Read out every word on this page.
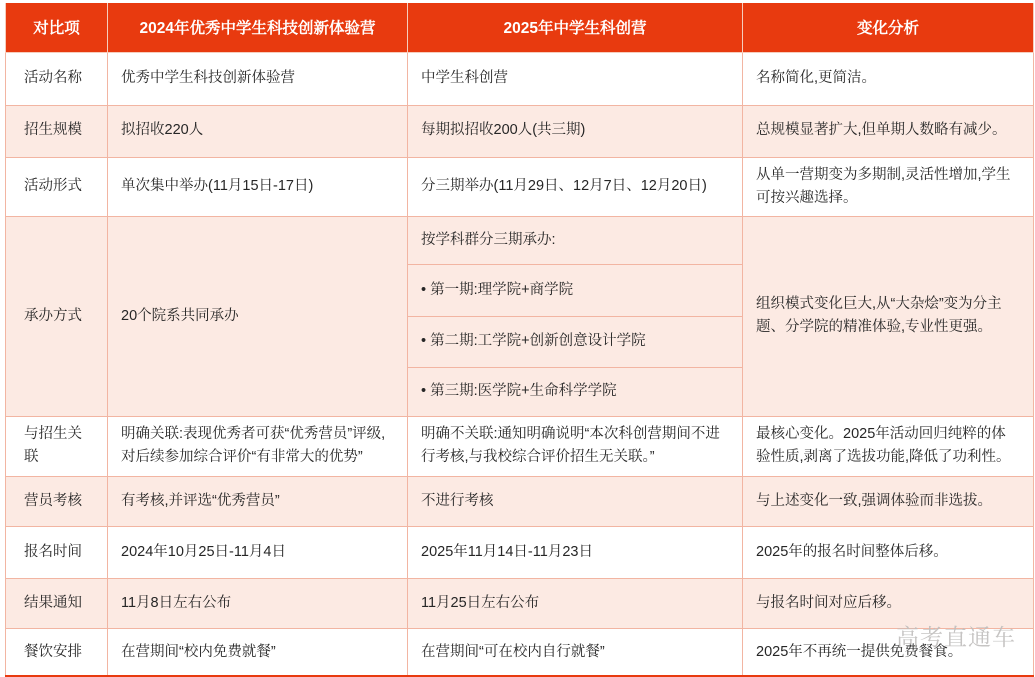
对比项	2024年优秀中学生科技创新体验营	2025年中学生科创营	变化分析
活动名称	优秀中学生科技创新体验营	中学生科创营	名称简化,更简洁。
招生规模	拟招收220人	每期拟招收200人(共三期)	总规模显著扩大,但单期人数略有减少。
活动形式	单次集中举办(11月15日-17日)	分三期举办(11月29日、12月7日、12月20日)	从单一营期变为多期制,灵活性增加,学生可按兴趣选择。
承办方式	20个院系共同承办	按学科群分三期承办:	组织模式变化巨大,从“大杂烩”变为分主题、分学院的精准体验,专业性更强。
		• 第一期:理学院+商学院	
		• 第二期:工学院+创新创意设计学院	
		• 第三期:医学院+生命科学学院	
与招生关联	明确关联:表现优秀者可获“优秀营员”评级,对后续参加综合评价“有非常大的优势”	明确不关联:通知明确说明“本次科创营期间不进行考核,与我校综合评价招生无关联。”	最核心变化。2025年活动回归纯粹的体验性质,剥离了选拔功能,降低了功利性。
营员考核	有考核,并评选“优秀营员”	不进行考核	与上述变化一致,强调体验而非选拔。
报名时间	2024年10月25日-11月4日	2025年11月14日-11月23日	2025年的报名时间整体后移。
结果通知	11月8日左右公布	11月25日左右公布	与报名时间对应后移。
餐饮安排	在营期间“校内免费就餐”	在营期间“可在校内自行就餐”	2025年不再统一提供免费餐食。
高考直通车
